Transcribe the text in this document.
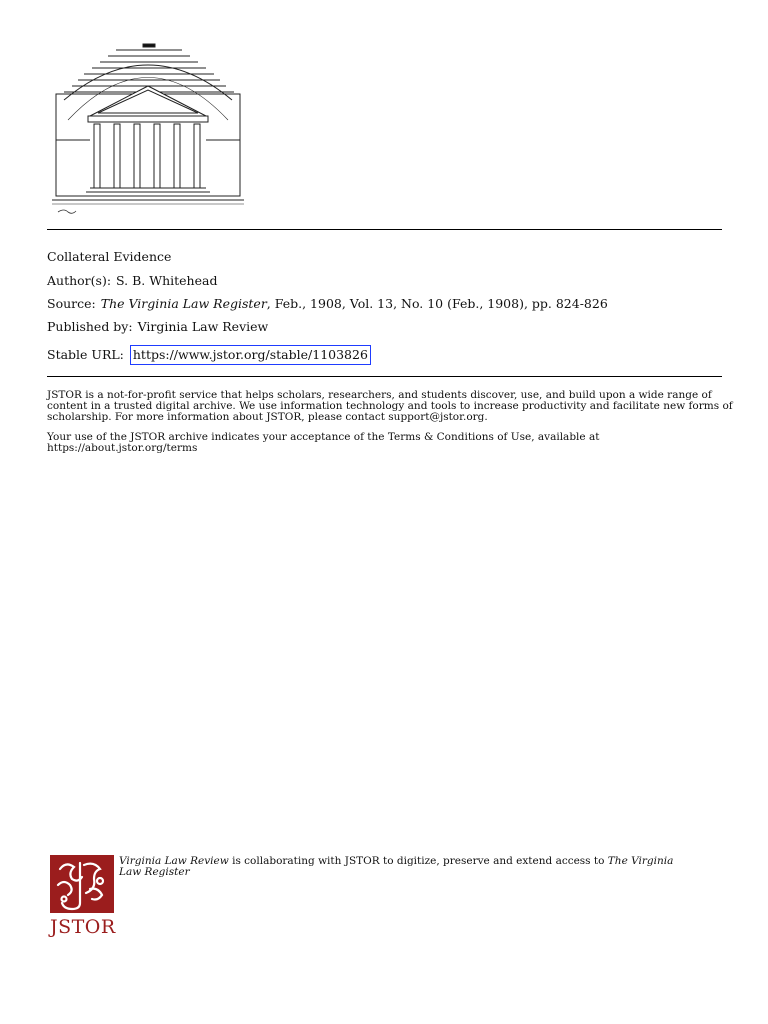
Collateral Evidence
Author(s): S. B. Whitehead
Source: The Virginia Law Register, Feb., 1908, Vol. 13, No. 10 (Feb., 1908), pp. 824-826
Published by: Virginia Law Review
Stable URL: https://www.jstor.org/stable/1103826

JSTOR is a not-for-profit service that helps scholars, researchers, and students discover, use, and build upon a wide range of content in a trusted digital archive. We use information technology and tools to increase productivity and facilitate new forms of scholarship. For more information about JSTOR, please contact support@jstor.org.

Your use of the JSTOR archive indicates your acceptance of the Terms & Conditions of Use, available at https://about.jstor.org/terms

JSTOR

Virginia Law Review is collaborating with JSTOR to digitize, preserve and extend access to The Virginia Law Register
